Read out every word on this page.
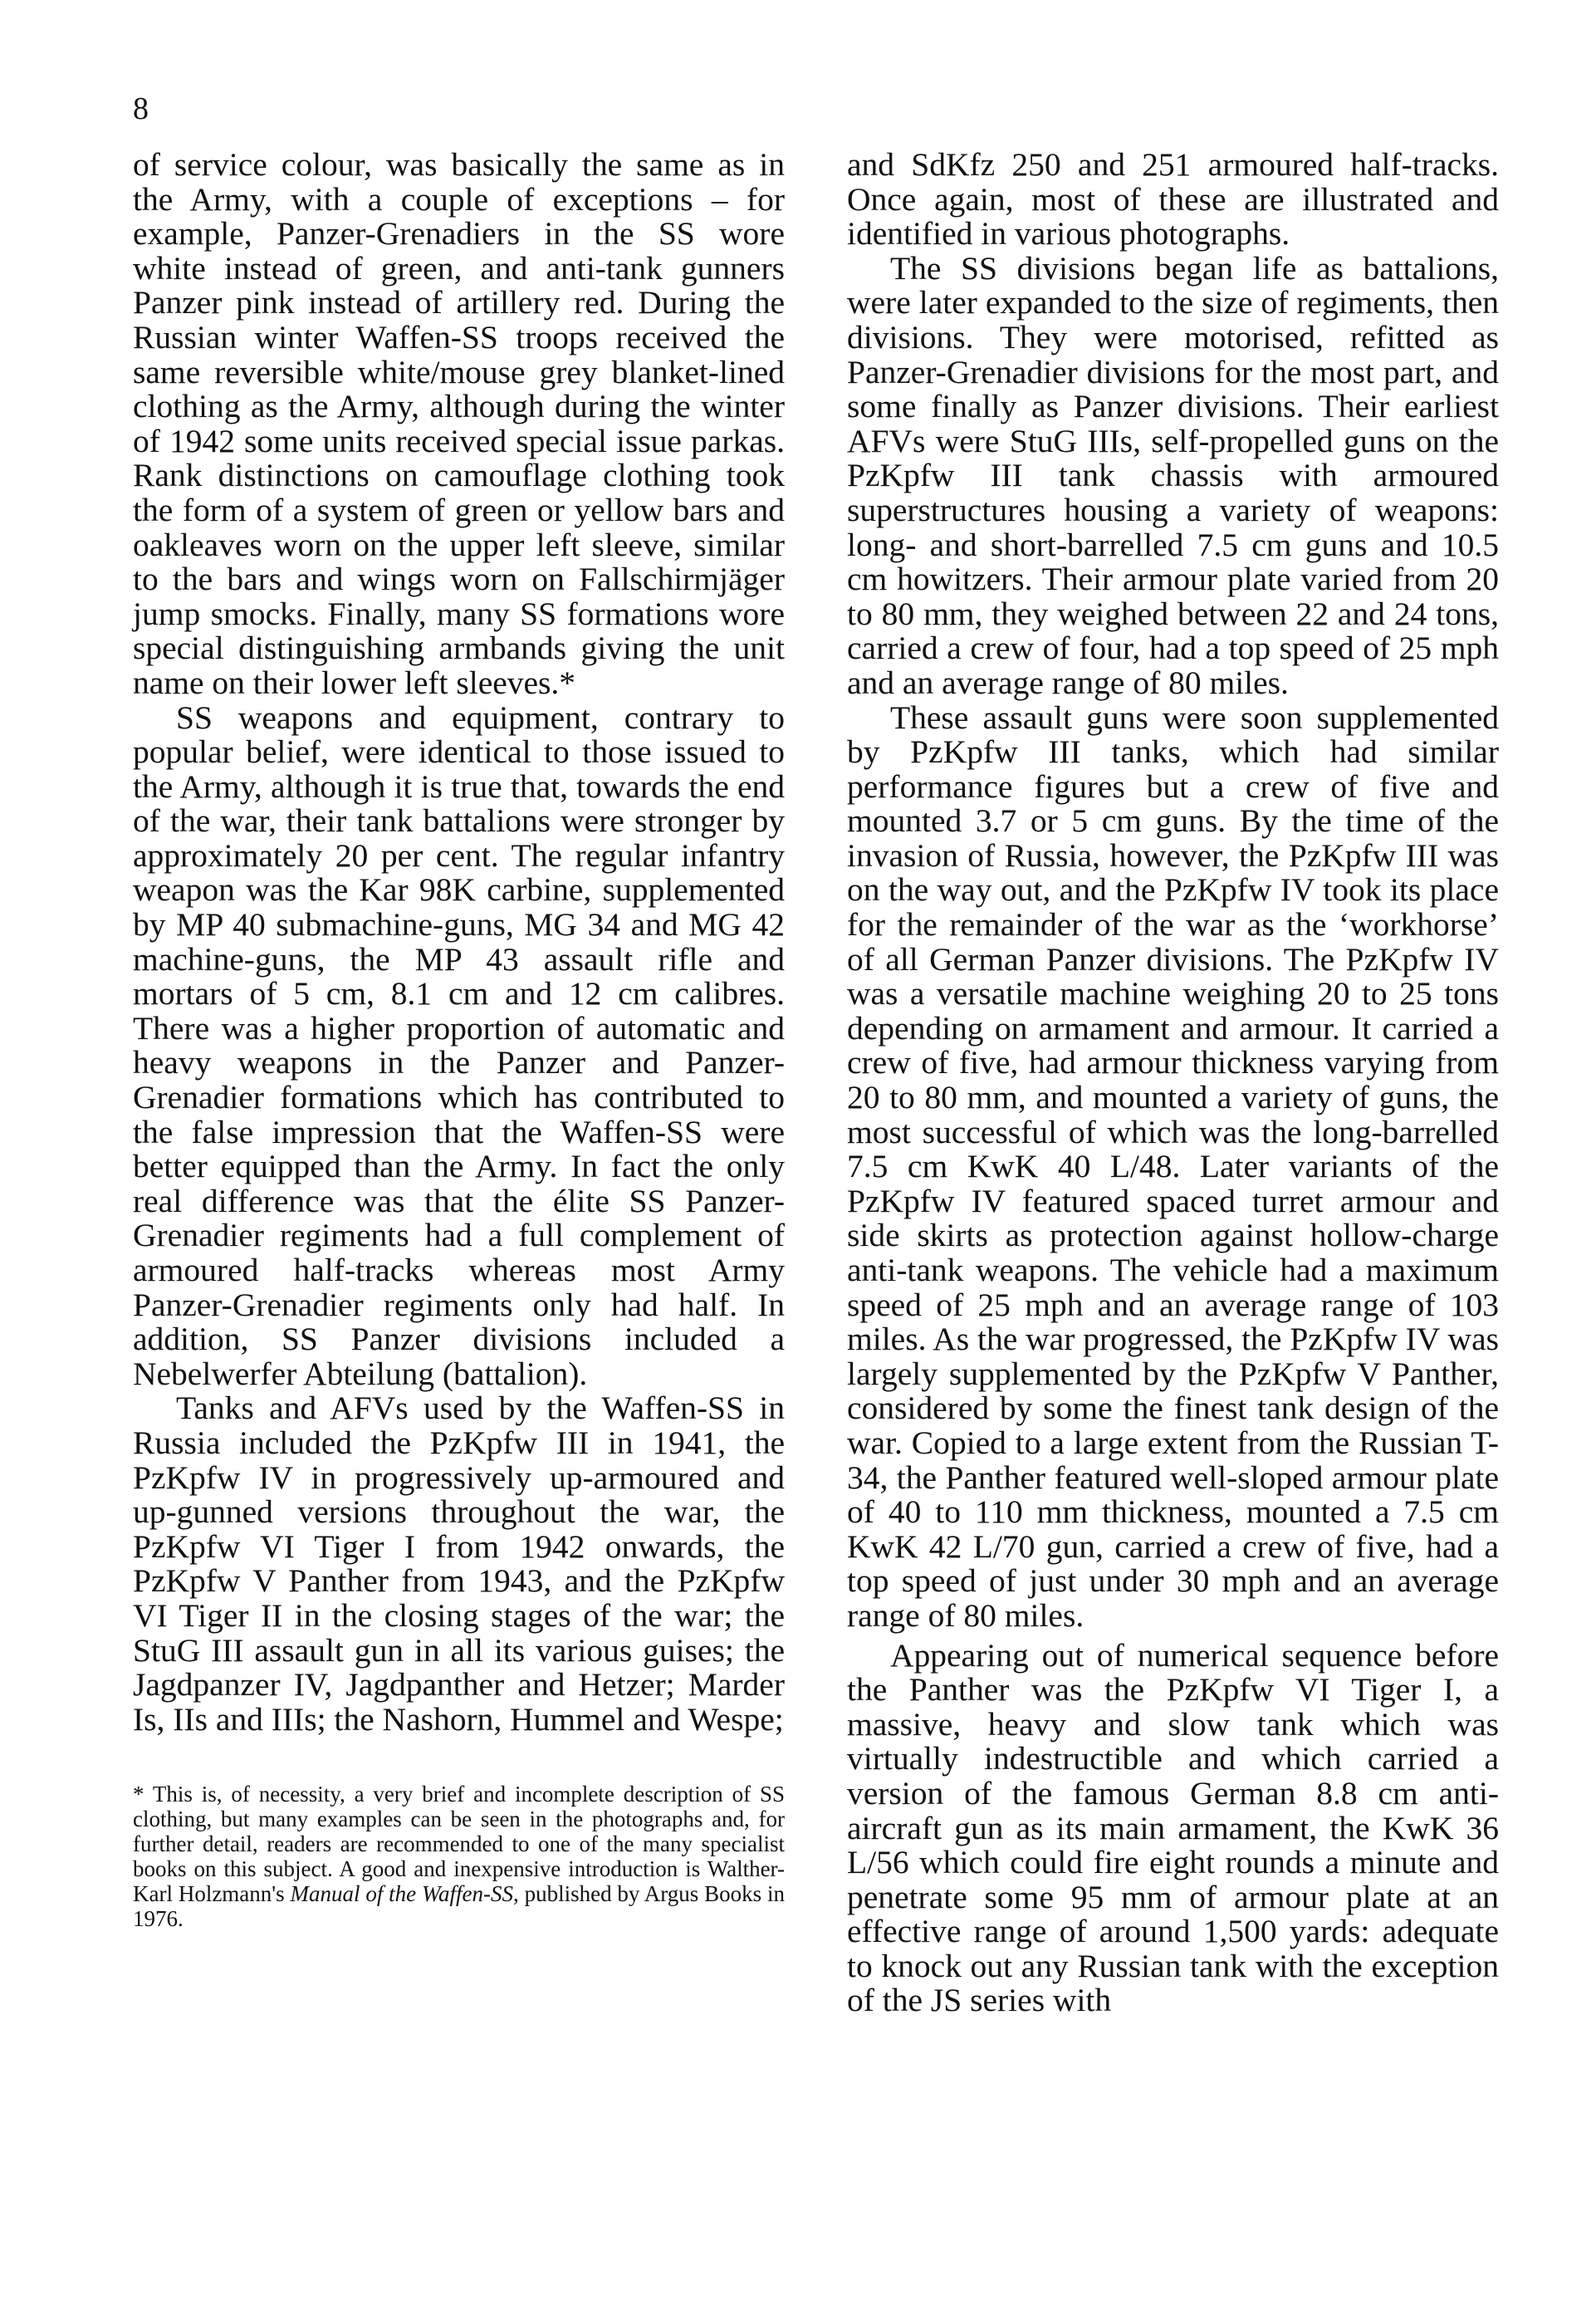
8

of service colour, was basically the same as in the Army, with a couple of exceptions – for example, Panzer-Grenadiers in the SS wore white instead of green, and anti-tank gunners Panzer pink instead of artillery red. During the Russian winter Waffen-SS troops received the same reversible white/mouse grey blanket-lined clothing as the Army, although during the winter of 1942 some units received special issue parkas. Rank distinctions on camouflage clothing took the form of a system of green or yellow bars and oakleaves worn on the upper left sleeve, similar to the bars and wings worn on Fallschirmjäger jump smocks. Finally, many SS formations wore special distinguishing armbands giving the unit name on their lower left sleeves.*

SS weapons and equipment, contrary to popular belief, were identical to those issued to the Army, although it is true that, towards the end of the war, their tank battalions were stronger by approximately 20 per cent. The regular infantry weapon was the Kar 98K carbine, supplemented by MP 40 submachine-guns, MG 34 and MG 42 machine-guns, the MP 43 assault rifle and mortars of 5 cm, 8.1 cm and 12 cm calibres. There was a higher proportion of automatic and heavy weapons in the Panzer and Panzer-Grenadier formations which has contributed to the false impression that the Waffen-SS were better equipped than the Army. In fact the only real difference was that the élite SS Panzer-Grenadier regiments had a full complement of armoured half-tracks whereas most Army Panzer-Grenadier regiments only had half. In addition, SS Panzer divisions included a Nebelwerfer Abteilung (battalion).

Tanks and AFVs used by the Waffen-SS in Russia included the PzKpfw III in 1941, the PzKpfw IV in progressively up-armoured and up-gunned versions throughout the war, the PzKpfw VI Tiger I from 1942 onwards, the PzKpfw V Panther from 1943, and the PzKpfw VI Tiger II in the closing stages of the war; the StuG III assault gun in all its various guises; the Jagdpanzer IV, Jagdpanther and Hetzer; Marder Is, IIs and IIIs; the Nashorn, Hummel and Wespe;

* This is, of necessity, a very brief and incomplete description of SS clothing, but many examples can be seen in the photographs and, for further detail, readers are recommended to one of the many specialist books on this subject. A good and inexpensive introduction is Walther-Karl Holzmann's Manual of the Waffen-SS, published by Argus Books in 1976.

and SdKfz 250 and 251 armoured half-tracks. Once again, most of these are illustrated and identified in various photographs.

The SS divisions began life as battalions, were later expanded to the size of regiments, then divisions. They were motorised, refitted as Panzer-Grenadier divisions for the most part, and some finally as Panzer divisions. Their earliest AFVs were StuG IIIs, self-propelled guns on the PzKpfw III tank chassis with armoured superstructures housing a variety of weapons: long- and short-barrelled 7.5 cm guns and 10.5 cm howitzers. Their armour plate varied from 20 to 80 mm, they weighed between 22 and 24 tons, carried a crew of four, had a top speed of 25 mph and an average range of 80 miles.

These assault guns were soon supplemented by PzKpfw III tanks, which had similar performance figures but a crew of five and mounted 3.7 or 5 cm guns. By the time of the invasion of Russia, however, the PzKpfw III was on the way out, and the PzKpfw IV took its place for the remainder of the war as the ‘workhorse’ of all German Panzer divisions. The PzKpfw IV was a versatile machine weighing 20 to 25 tons depending on armament and armour. It carried a crew of five, had armour thickness varying from 20 to 80 mm, and mounted a variety of guns, the most successful of which was the long-barrelled 7.5 cm KwK 40 L/48. Later variants of the PzKpfw IV featured spaced turret armour and side skirts as protection against hollow-charge anti-tank weapons. The vehicle had a maximum speed of 25 mph and an average range of 103 miles. As the war progressed, the PzKpfw IV was largely supplemented by the PzKpfw V Panther, considered by some the finest tank design of the war. Copied to a large extent from the Russian T-34, the Panther featured well-sloped armour plate of 40 to 110 mm thickness, mounted a 7.5 cm KwK 42 L/70 gun, carried a crew of five, had a top speed of just under 30 mph and an average range of 80 miles.

Appearing out of numerical sequence before the Panther was the PzKpfw VI Tiger I, a massive, heavy and slow tank which was virtually indestructible and which carried a version of the famous German 8.8 cm anti-aircraft gun as its main armament, the KwK 36 L/56 which could fire eight rounds a minute and penetrate some 95 mm of armour plate at an effective range of around 1,500 yards: adequate to knock out any Russian tank with the exception of the JS series with
